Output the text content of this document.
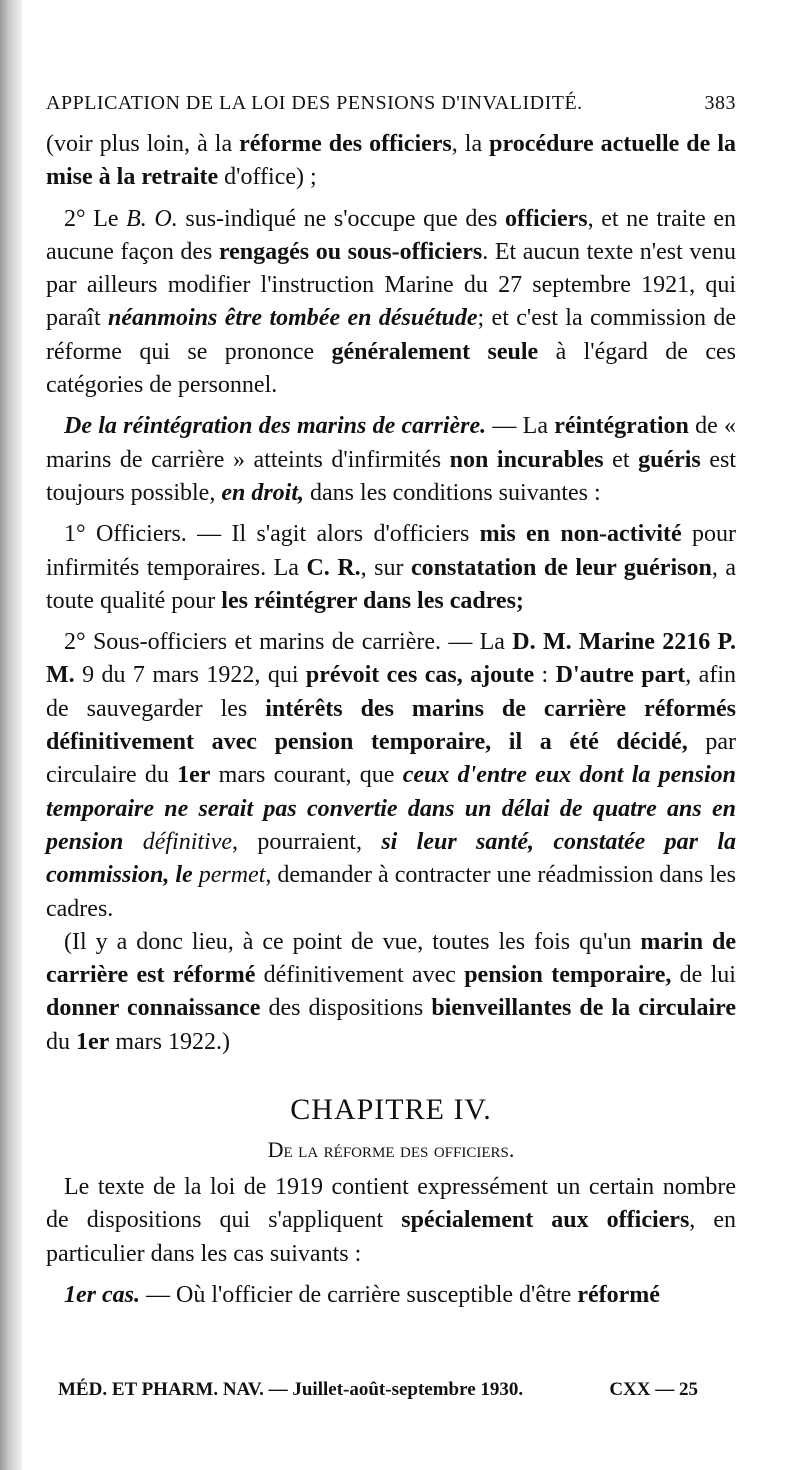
APPLICATION DE LA LOI DES PENSIONS D'INVALIDITÉ.	383

(voir plus loin, à la réforme des officiers, la procédure actuelle de la mise à la retraite d'office) ;

2° Le B. O. sus-indiqué ne s'occupe que des officiers, et ne traite en aucune façon des rengagés ou sous-officiers. Et aucun texte n'est venu par ailleurs modifier l'instruction Marine du 27 septembre 1921, qui paraît néanmoins être tombée en désuétude; et c'est la commission de réforme qui se prononce généralement seule à l'égard de ces catégories de personnel.

De la réintégration des marins de carrière. — La réintégration de « marins de carrière » atteints d'infirmités non incurables et guéris est toujours possible, en droit, dans les conditions suivantes :

1° Officiers. — Il s'agit alors d'officiers mis en non-activité pour infirmités temporaires. La C. R., sur constatation de leur guérison, a toute qualité pour les réintégrer dans les cadres;

2° Sous-officiers et marins de carrière. — La D. M. Marine 2216 P. M. 9 du 7 mars 1922, qui prévoit ces cas, ajoute : D'autre part, afin de sauvegarder les intérêts des marins de carrière réformés définitivement avec pension temporaire, il a été décidé, par circulaire du 1er mars courant, que ceux d'entre eux dont la pension temporaire ne serait pas convertie dans un délai de quatre ans en pension définitive, pourraient, si leur santé, constatée par la commission, le permet, demander à contracter une réadmission dans les cadres.

(Il y a donc lieu, à ce point de vue, toutes les fois qu'un marin de carrière est réformé définitivement avec pension temporaire, de lui donner connaissance des dispositions bienveillantes de la circulaire du 1er mars 1922.)

CHAPITRE IV.
De la réforme des officiers.

Le texte de la loi de 1919 contient expressément un certain nombre de dispositions qui s'appliquent spécialement aux officiers, en particulier dans les cas suivants :

1er cas. — Où l'officier de carrière susceptible d'être réformé

MÉD. ET PHARM. NAV. — Juillet-août-septembre 1930.	CXX — 25
